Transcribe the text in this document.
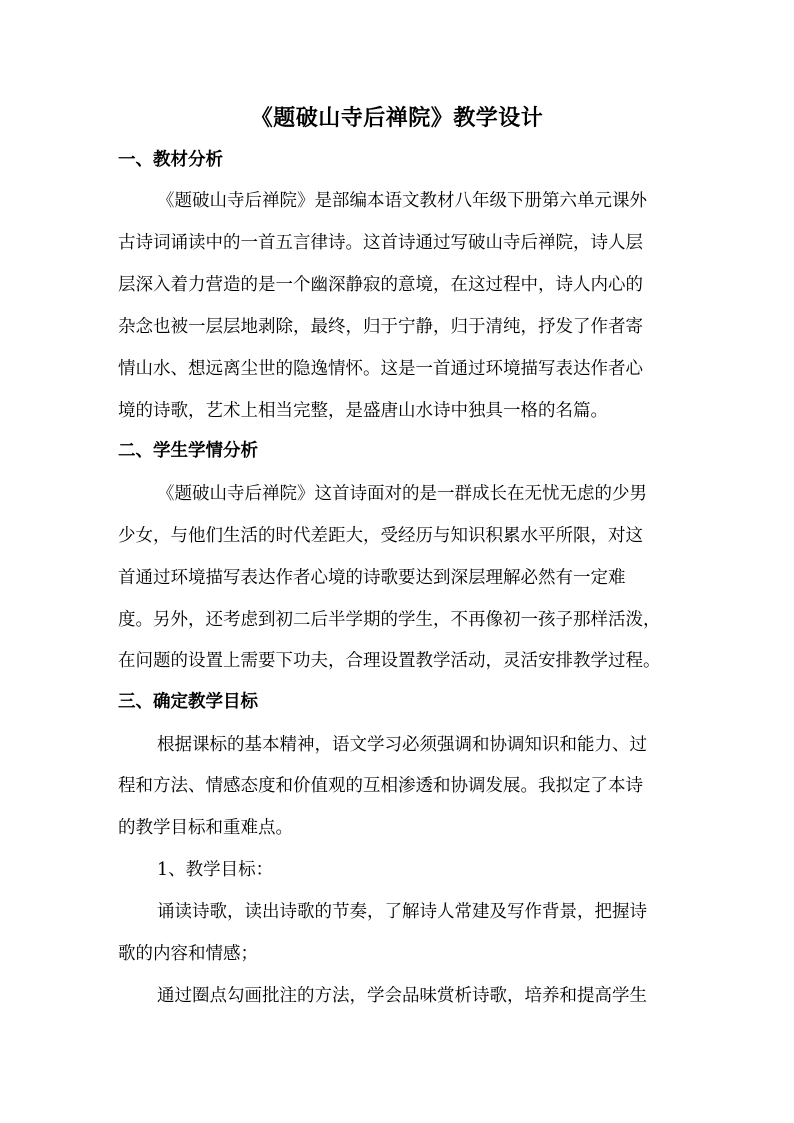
《题破山寺后禅院》教学设计
一、教材分析
《题破山寺后禅院》是部编本语文教材八年级下册第六单元课外
古诗词诵读中的一首五言律诗。这首诗通过写破山寺后禅院，诗人层
层深入着力营造的是一个幽深静寂的意境，在这过程中，诗人内心的
杂念也被一层层地剥除，最终，归于宁静，归于清纯，抒发了作者寄
情山水、想远离尘世的隐逸情怀。这是一首通过环境描写表达作者心
境的诗歌，艺术上相当完整，是盛唐山水诗中独具一格的名篇。
二、学生学情分析
《题破山寺后禅院》这首诗面对的是一群成长在无忧无虑的少男
少女，与他们生活的时代差距大，受经历与知识积累水平所限，对这
首通过环境描写表达作者心境的诗歌要达到深层理解必然有一定难
度。另外，还考虑到初二后半学期的学生，不再像初一孩子那样活泼，
在问题的设置上需要下功夫，合理设置教学活动，灵活安排教学过程。
三、确定教学目标
根据课标的基本精神，语文学习必须强调和协调知识和能力、过
程和方法、情感态度和价值观的互相渗透和协调发展。我拟定了本诗
的教学目标和重难点。
1、教学目标：
诵读诗歌，读出诗歌的节奏，了解诗人常建及写作背景，把握诗
歌的内容和情感；
通过圈点勾画批注的方法，学会品味赏析诗歌，培养和提高学生
